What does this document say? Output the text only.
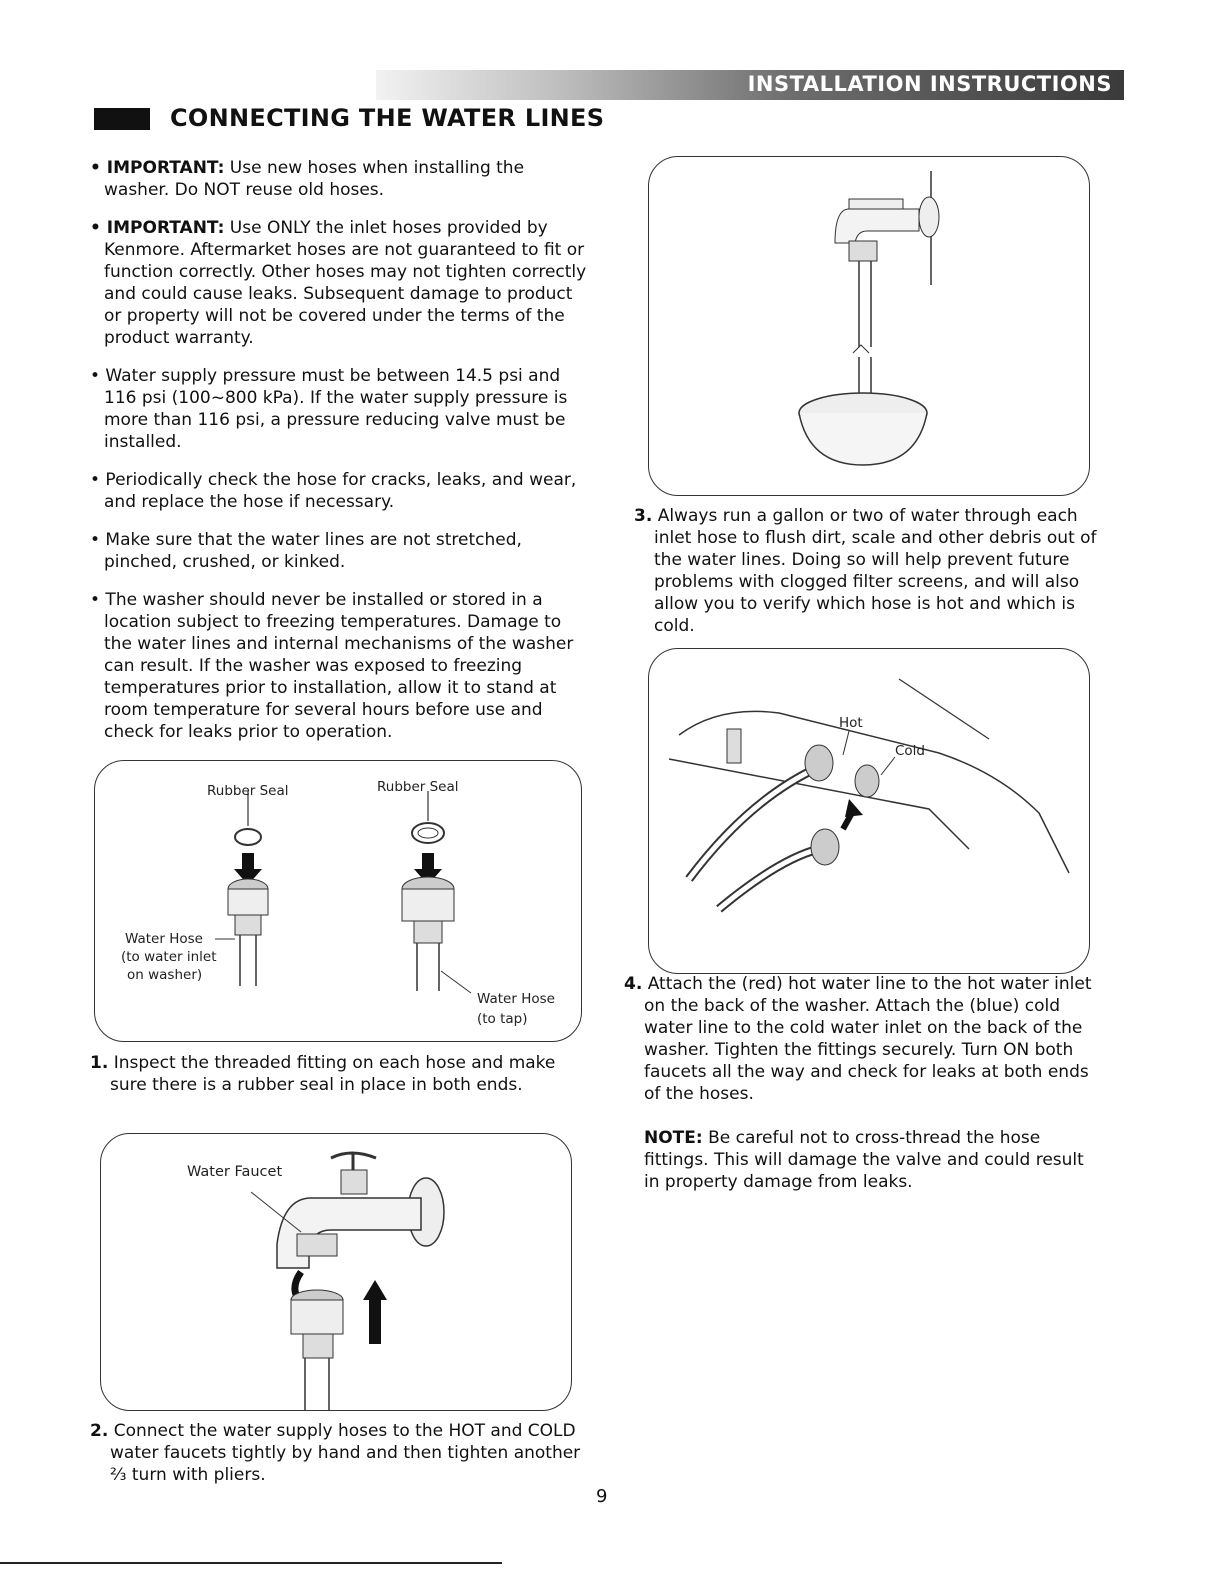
INSTALLATION INSTRUCTIONS
CONNECTING THE WATER LINES

• IMPORTANT: Use new hoses when installing the washer. Do NOT reuse old hoses.

• IMPORTANT: Use ONLY the inlet hoses provided by Kenmore. Aftermarket hoses are not guaranteed to fit or function correctly. Other hoses may not tighten correctly and could cause leaks. Subsequent damage to product or property will not be covered under the terms of the product warranty.

• Water supply pressure must be between 14.5 psi and 116 psi (100~800 kPa). If the water supply pressure is more than 116 psi, a pressure reducing valve must be installed.

• Periodically check the hose for cracks, leaks, and wear, and replace the hose if necessary.

• Make sure that the water lines are not stretched, pinched, crushed, or kinked.

• The washer should never be installed or stored in a location subject to freezing temperatures. Damage to the water lines and internal mechanisms of the washer can result. If the washer was exposed to freezing temperatures prior to installation, allow it to stand at room temperature for several hours before use and check for leaks prior to operation.

Rubber Seal	Rubber Seal
Water Hose
(to water inlet
on washer)
Water Hose
(to tap)

1. Inspect the threaded fitting on each hose and make sure there is a rubber seal in place in both ends.

Water Faucet

2. Connect the water supply hoses to the HOT and COLD water faucets tightly by hand and then tighten another ⅔ turn with pliers.

3. Always run a gallon or two of water through each inlet hose to flush dirt, scale and other debris out of the water lines. Doing so will help prevent future problems with clogged filter screens, and will also allow you to verify which hose is hot and which is cold.

Hot
Cold

4. Attach the (red) hot water line to the hot water inlet on the back of the washer. Attach the (blue) cold water line to the cold water inlet on the back of the washer. Tighten the fittings securely. Turn ON both faucets all the way and check for leaks at both ends of the hoses.

NOTE: Be careful not to cross-thread the hose fittings. This will damage the valve and could result in property damage from leaks.

9
